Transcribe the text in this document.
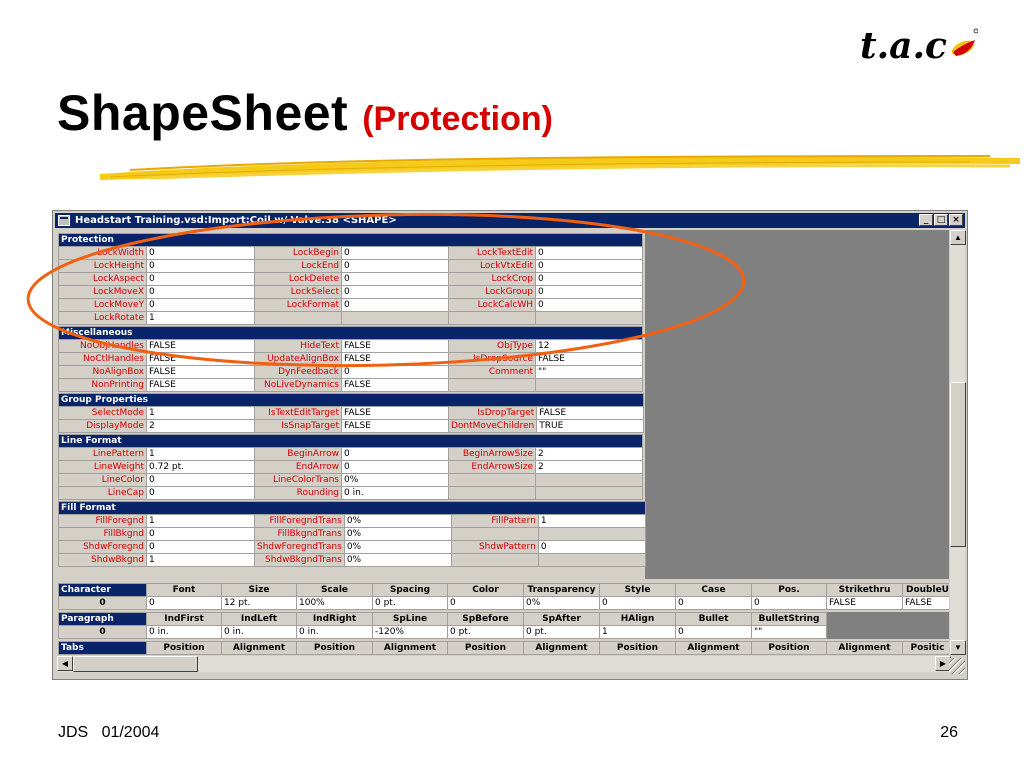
t.a.c
ShapeSheet (Protection)
Headstart Training.vsd:Import:Coil w/ Valve.38 <SHAPE>	_ □ ×
Protection					
LockWidth	0	LockBegin	0	LockTextEdit	0
LockHeight	0	LockEnd	0	LockVtxEdit	0
LockAspect	0	LockDelete	0	LockCrop	0
LockMoveX	0	LockSelect	0	LockGroup	0
LockMoveY	0	LockFormat	0	LockCalcWH	0
LockRotate	1				
Miscellaneous					
NoObjHandles	FALSE	HideText	FALSE	ObjType	12
NoCtlHandles	FALSE	UpdateAlignBox	FALSE	IsDropSource	FALSE
NoAlignBox	FALSE	DynFeedback	0	Comment	""
NonPrinting	FALSE	NoLiveDynamics	FALSE		
Group Properties					
SelectMode	1	IsTextEditTarget	FALSE	IsDropTarget	FALSE
DisplayMode	2	IsSnapTarget	FALSE	DontMoveChildren	TRUE
Line Format					
LinePattern	1	BeginArrow	0	BeginArrowSize	2
LineWeight	0.72 pt.	EndArrow	0	EndArrowSize	2
LineColor	0	LineColorTrans	0%		
LineCap	0	Rounding	0 in.		
Fill Format					
FillForegnd	1	FillForegndTrans	0%	FillPattern	1
FillBkgnd	0	FillBkgndTrans	0%		
ShdwForegnd	0	ShdwForegndTrans	0%	ShdwPattern	0
ShdwBkgnd	1	ShdwBkgndTrans	0%		
Character	Font	Size	Scale	Spacing	Color	Transparency	Style	Case	Pos.	Strikethru	DoubleU
0	0	12 pt.	100%	0 pt.	0	0%	0	0	0	FALSE	FALSE

Paragraph	IndFirst	IndLeft	IndRight	SpLine	SpBefore	SpAfter	HAlign	Bullet	BulletString		
0	0 in.	0 in.	0 in.	-120%	0 pt.	0 pt.	1	0	""		

Tabs	Position	Alignment	Position	Alignment	Position	Alignment	Position	Alignment	Position	Alignment	Positic
▲
▼
◀	▶
JDS   01/2004	26
